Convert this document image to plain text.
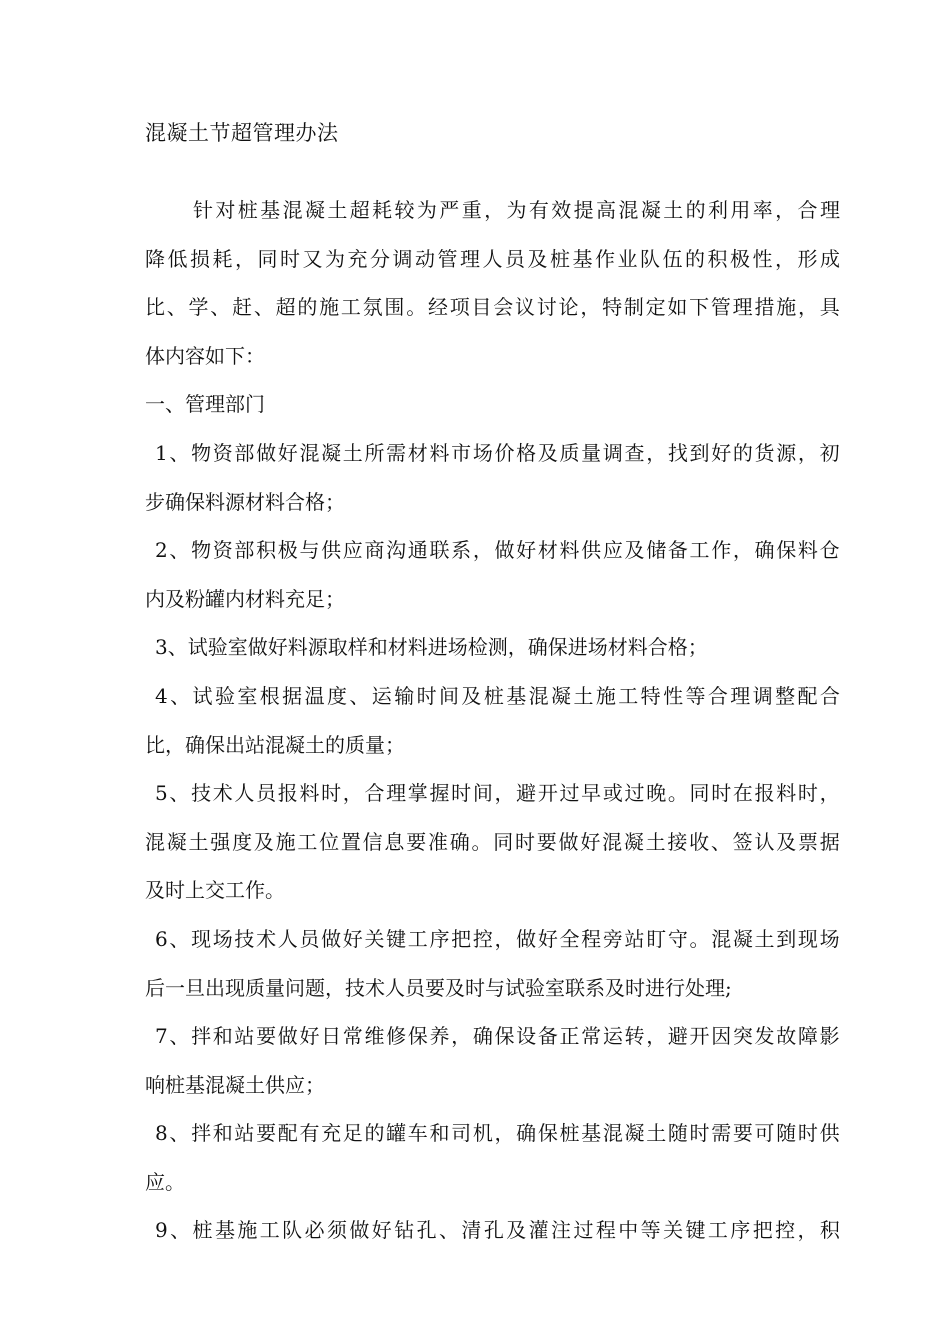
混凝土节超管理办法
针 对 桩 基 混 凝 土 超 耗 较 为 严 重 ， 为 有 效 提 高 混 凝 土 的 利 用 率 ， 合 理
降 低 损 耗 ， 同 时 又 为 充 分 调 动 管 理 人 员 及 桩 基 作 业 队 伍 的 积 极 性 ， 形 成
比 、 学 、 赶 、 超 的 施 工 氛 围 。 经 项 目 会 议 讨 论 ， 特 制 定 如 下 管 理 措 施 ， 具
体内容如下：
一、管理部门
1 、 物 资 部 做 好 混 凝 土 所 需 材 料 市 场 价 格 及 质 量 调 查 ， 找 到 好 的 货 源 ， 初
步确保料源材料合格；
2 、 物 资 部 积 极 与 供 应 商 沟 通 联 系 ， 做 好 材 料 供 应 及 储 备 工 作 ， 确 保 料 仓
内及粉罐内材料充足；
3、试验室做好料源取样和材料进场检测，确保进场材料合格；
4 、 试 验 室 根 据 温 度 、 运 输 时 间 及 桩 基 混 凝 土 施 工 特 性 等 合 理 调 整 配 合
比，确保出站混凝土的质量；
5 、 技 术 人 员 报 料 时 ， 合 理 掌 握 时 间 ， 避 开 过 早 或 过 晚 。 同 时 在 报 料 时 ，
混 凝 土 强 度 及 施 工 位 置 信 息 要 准 确 。 同 时 要 做 好 混 凝 土 接 收 、 签 认 及 票 据
及时上交工作。
6 、 现 场 技 术 人 员 做 好 关 键 工 序 把 控 ， 做 好 全 程 旁 站 盯 守 。 混 凝 土 到 现 场
后一旦出现质量问题，技术人员要及时与试验室联系及时进行处理;
7 、 拌 和 站 要 做 好 日 常 维 修 保 养 ， 确 保 设 备 正 常 运 转 ， 避 开 因 突 发 故 障 影
响桩基混凝土供应；
8 、 拌 和 站 要 配 有 充 足 的 罐 车 和 司 机 ， 确 保 桩 基 混 凝 土 随 时 需 要 可 随 时 供
应。
9 、 桩 基 施 工 队 必 须 做 好 钻 孔 、 清 孔 及 灌 注 过 程 中 等 关 键 工 序 把 控 ， 积
